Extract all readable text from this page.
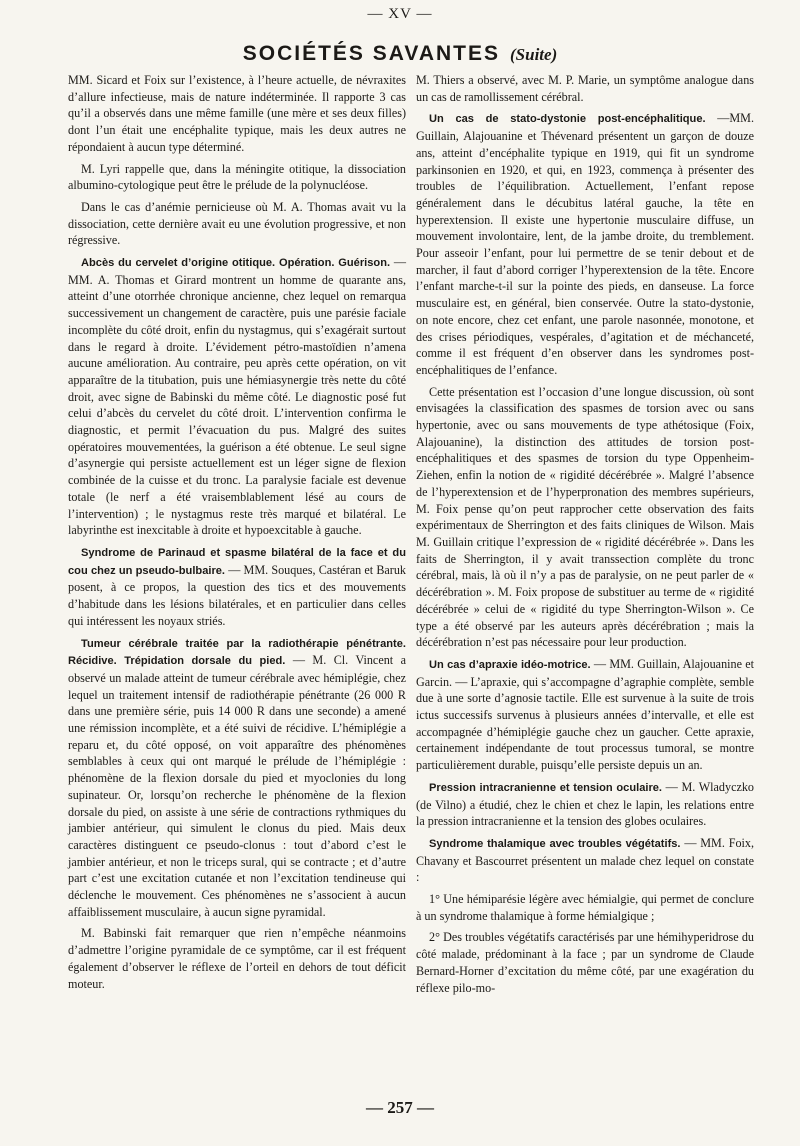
— XV —
SOCIÉTÉS SAVANTES (Suite)

MM. Sicard et Foix sur l’existence, à l’heure actuelle, de névraxites d’allure infectieuse, mais de nature indéterminée. Il rapporte 3 cas qu’il a observés dans une même famille (une mère et ses deux filles) dont l’un était une encéphalite typique, mais les deux autres ne répondaient à aucun type déterminé.

M. Lyri rappelle que, dans la méningite otitique, la dissociation albumino-cytologique peut être le prélude de la polynucléose.

Dans le cas d’anémie pernicieuse où M. A. Thomas avait vu la dissociation, cette dernière avait eu une évolution progressive, et non régressive.

Abcès du cervelet d’origine otitique. Opération. Guérison. — MM. A. Thomas et Girard montrent un homme de quarante ans, atteint d’une otorrhée chronique ancienne, chez lequel on remarqua successivement un changement de caractère, puis une parésie faciale incomplète du côté droit, enfin du nystagmus, qui s’exagérait surtout dans le regard à droite. L’évidement pétro-mastoïdien n’amena aucune amélioration. Au contraire, peu après cette opération, on vit apparaître de la titubation, puis une hémiasynergie très nette du côté droit, avec signe de Babinski du même côté. Le diagnostic posé fut celui d’abcès du cervelet du côté droit. L’intervention confirma le diagnostic, et permit l’évacuation du pus. Malgré des suites opératoires mouvementées, la guérison a été obtenue. Le seul signe d’asynergie qui persiste actuellement est un léger signe de flexion combinée de la cuisse et du tronc. La paralysie faciale est devenue totale (le nerf a été vraisemblablement lésé au cours de l’intervention) ; le nystagmus reste très marqué et bilatéral. Le labyrinthe est inexcitable à droite et hypoexcitable à gauche.

Syndrome de Parinaud et spasme bilatéral de la face et du cou chez un pseudo-bulbaire. — MM. Souques, Castéran et Baruk posent, à ce propos, la question des tics et des mouvements d’habitude dans les lésions bilatérales, et en particulier dans celles qui intéressent les noyaux striés.

Tumeur cérébrale traitée par la radiothérapie pénétrante. Récidive. Trépidation dorsale du pied. — M. Cl. Vincent a observé un malade atteint de tumeur cérébrale avec hémiplégie, chez lequel un traitement intensif de radiothérapie pénétrante (26 000 R dans une première série, puis 14 000 R dans une seconde) a amené une rémission incomplète, et a été suivi de récidive. L’hémiplégie a reparu et, du côté opposé, on voit apparaître des phénomènes semblables à ceux qui ont marqué le prélude de l’hémiplégie : phénomène de la flexion dorsale du pied et myoclonies du long supinateur. Or, lorsqu’on recherche le phénomène de la flexion dorsale du pied, on assiste à une série de contractions rythmiques du jambier antérieur, qui simulent le clonus du pied. Mais deux caractères distinguent ce pseudo-clonus : tout d’abord c’est le jambier antérieur, et non le triceps sural, qui se contracte ; et d’autre part c’est une excitation cutanée et non l’excitation tendineuse qui déclenche le mouvement. Ces phénomènes ne s’associent à aucun affaiblissement musculaire, à aucun signe pyramidal.

M. Babinski fait remarquer que rien n’empêche néanmoins d’admettre l’origine pyramidale de ce symptôme, car il est fréquent également d’observer le réflexe de l’orteil en dehors de tout déficit moteur.

M. Thiers a observé, avec M. P. Marie, un symptôme analogue dans un cas de ramollissement cérébral.

Un cas de stato-dystonie post-encéphalitique. —MM. Guillain, Alajouanine et Thévenard présentent un garçon de douze ans, atteint d’encéphalite typique en 1919, qui fit un syndrome parkinsonien en 1920, et qui, en 1923, commença à présenter des troubles de l’équilibration. Actuellement, l’enfant repose généralement dans le décubitus latéral gauche, la tête en hyperextension. Il existe une hypertonie musculaire diffuse, un mouvement involontaire, lent, de la jambe droite, du tremblement. Pour asseoir l’enfant, pour lui permettre de se tenir debout et de marcher, il faut d’abord corriger l’hyperextension de la tête. Encore l’enfant marche-t-il sur la pointe des pieds, en danseuse. La force musculaire est, en général, bien conservée. Outre la stato-dystonie, on note encore, chez cet enfant, une parole nasonnée, monotone, et des crises périodiques, vespérales, d’agitation et de méchanceté, comme il est fréquent d’en observer dans les syndromes post-encéphalitiques de l’enfance.

Cette présentation est l’occasion d’une longue discussion, où sont envisagées la classification des spasmes de torsion avec ou sans hypertonie, avec ou sans mouvements de type athétosique (Foix, Alajouanine), la distinction des attitudes de torsion post-encéphalitiques et des spasmes de torsion du type Oppenheim-Ziehen, enfin la notion de « rigidité décérébrée ». Malgré l’absence de l’hyperextension et de l’hyperpronation des membres supérieurs, M. Foix pense qu’on peut rapprocher cette observation des faits expérimentaux de Sherrington et des faits cliniques de Wilson. Mais M. Guillain critique l’expression de « rigidité décérébrée ». Dans les faits de Sherrington, il y avait transsection complète du tronc cérébral, mais, là où il n’y a pas de paralysie, on ne peut parler de « décérébration ». M. Foix propose de substituer au terme de « rigidité décérébrée » celui de « rigidité du type Sherrington-Wilson ». Ce type a été observé par les auteurs après décérébration ; mais la décérébration n’est pas nécessaire pour leur production.

Un cas d’apraxie idéo-motrice. — MM. Guillain, Alajouanine et Garcin. — L’apraxie, qui s’accompagne d’agraphie complète, semble due à une sorte d’agnosie tactile. Elle est survenue à la suite de trois ictus successifs survenus à plusieurs années d’intervalle, et elle est accompagnée d’hémiplégie gauche chez un gaucher. Cette apraxie, certainement indépendante de tout processus tumoral, se montre particulièrement durable, puisqu’elle persiste depuis un an.

Pression intracranienne et tension oculaire. — M. Wladyczko (de Vilno) a étudié, chez le chien et chez le lapin, les relations entre la pression intracranienne et la tension des globes oculaires.

Syndrome thalamique avec troubles végétatifs. — MM. Foix, Chavany et Bascourret présentent un malade chez lequel on constate :

1° Une hémiparésie légère avec hémialgie, qui permet de conclure à un syndrome thalamique à forme hémialgique ;

2° Des troubles végétatifs caractérisés par une hémihyperidrose du côté malade, prédominant à la face ; par un syndrome de Claude Bernard-Horner d’excitation du même côté, par une exagération du réflexe pilo-mo-

— 257 —
